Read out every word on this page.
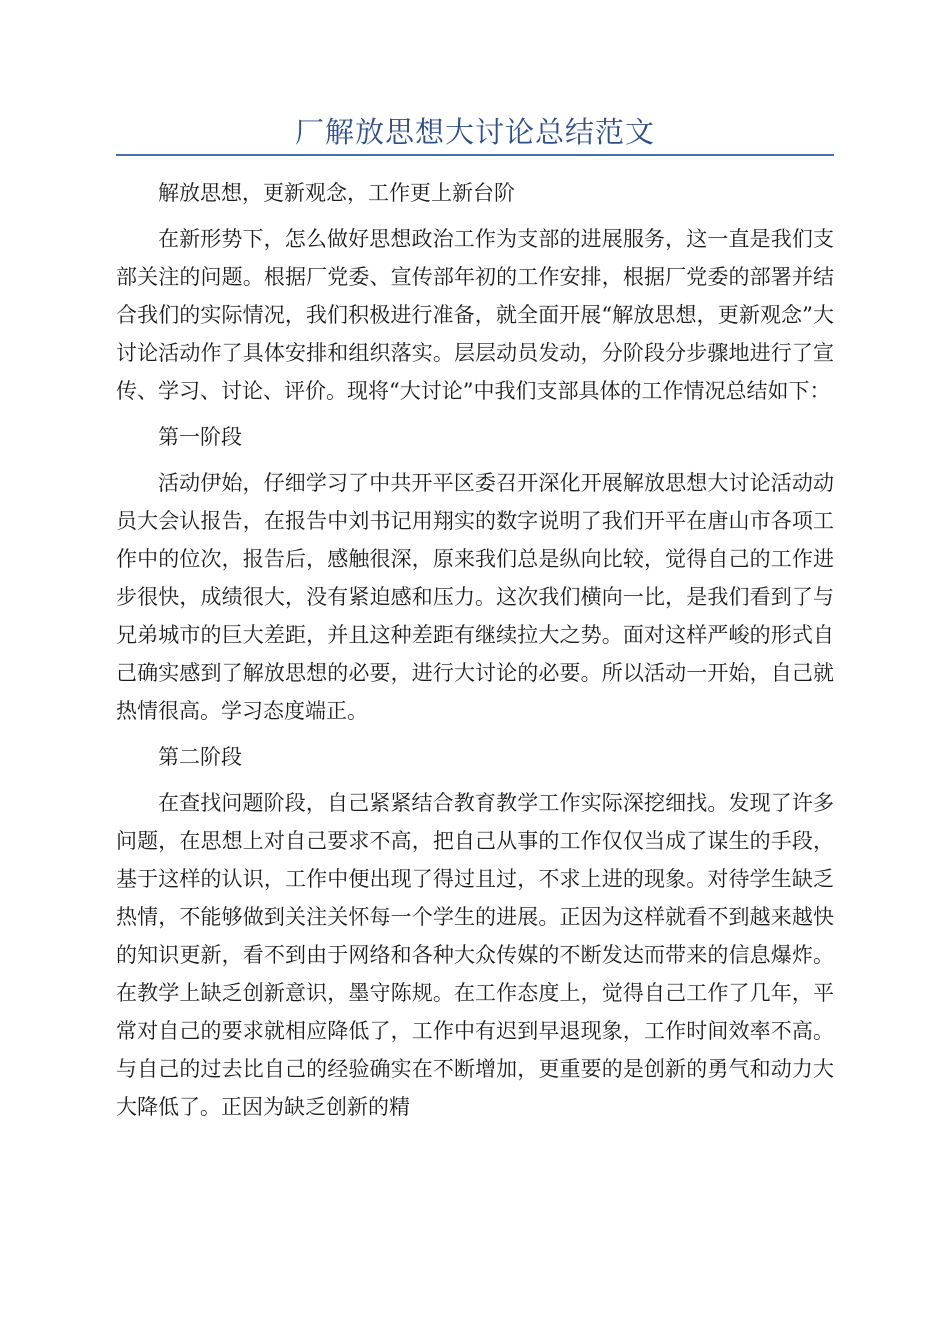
厂解放思想大讨论总结范文

解放思想，更新观念，工作更上新台阶

在新形势下，怎么做好思想政治工作为支部的进展服务，这一直是我们支部关注的问题。根据厂党委、宣传部年初的工作安排，根据厂党委的部署并结合我们的实际情况，我们积极进行准备，就全面开展“解放思想，更新观念”大讨论活动作了具体安排和组织落实。层层动员发动，分阶段分步骤地进行了宣传、学习、讨论、评价。现将“大讨论”中我们支部具体的工作情况总结如下：

第一阶段

活动伊始，仔细学习了中共开平区委召开深化开展解放思想大讨论活动动员大会认报告，在报告中刘书记用翔实的数字说明了我们开平在唐山市各项工作中的位次，报告后，感触很深，原来我们总是纵向比较，觉得自己的工作进步很快，成绩很大，没有紧迫感和压力。这次我们横向一比，是我们看到了与兄弟城市的巨大差距，并且这种差距有继续拉大之势。面对这样严峻的形式自己确实感到了解放思想的必要，进行大讨论的必要。所以活动一开始，自己就热情很高。学习态度端正。

第二阶段

在查找问题阶段，自己紧紧结合教育教学工作实际深挖细找。发现了许多问题，在思想上对自己要求不高，把自己从事的工作仅仅当成了谋生的手段，基于这样的认识，工作中便出现了得过且过，不求上进的现象。对待学生缺乏热情，不能够做到关注关怀每一个学生的进展。正因为这样就看不到越来越快的知识更新，看不到由于网络和各种大众传媒的不断发达而带来的信息爆炸。在教学上缺乏创新意识，墨守陈规。在工作态度上，觉得自己工作了几年，平常对自己的要求就相应降低了，工作中有迟到早退现象，工作时间效率不高。与自己的过去比自己的经验确实在不断增加，更重要的是创新的勇气和动力大大降低了。正因为缺乏创新的精
